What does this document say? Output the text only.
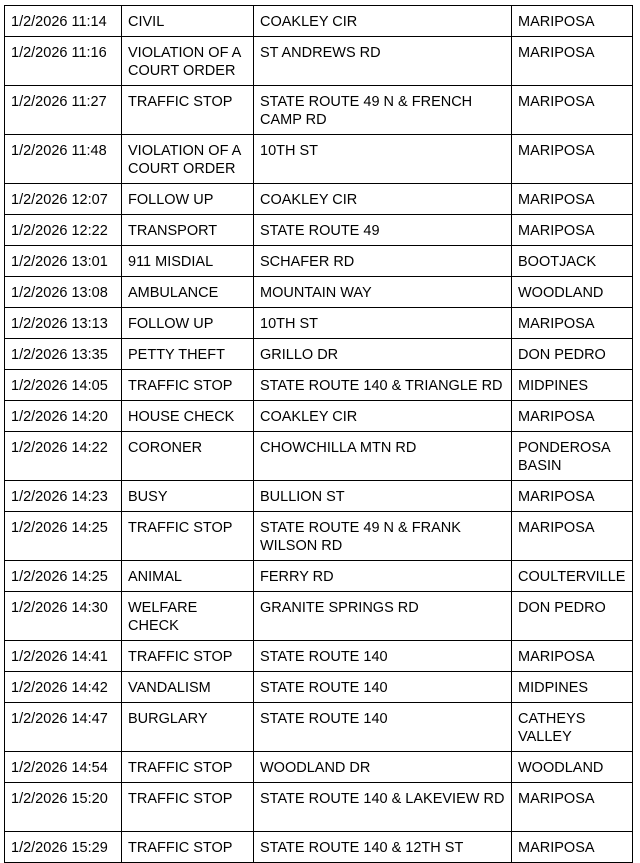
1/2/2026 11:14	CIVIL	COAKLEY CIR	MARIPOSA
1/2/2026 11:16	VIOLATION OF A COURT ORDER	ST ANDREWS RD	MARIPOSA
1/2/2026 11:27	TRAFFIC STOP	STATE ROUTE 49 N & FRENCH CAMP RD	MARIPOSA
1/2/2026 11:48	VIOLATION OF A COURT ORDER	10TH ST	MARIPOSA
1/2/2026 12:07	FOLLOW UP	COAKLEY CIR	MARIPOSA
1/2/2026 12:22	TRANSPORT	STATE ROUTE 49	MARIPOSA
1/2/2026 13:01	911 MISDIAL	SCHAFER RD	BOOTJACK
1/2/2026 13:08	AMBULANCE	MOUNTAIN WAY	WOODLAND
1/2/2026 13:13	FOLLOW UP	10TH ST	MARIPOSA
1/2/2026 13:35	PETTY THEFT	GRILLO DR	DON PEDRO
1/2/2026 14:05	TRAFFIC STOP	STATE ROUTE 140 & TRIANGLE RD	MIDPINES
1/2/2026 14:20	HOUSE CHECK	COAKLEY CIR	MARIPOSA
1/2/2026 14:22	CORONER	CHOWCHILLA MTN RD	PONDEROSA BASIN
1/2/2026 14:23	BUSY	BULLION ST	MARIPOSA
1/2/2026 14:25	TRAFFIC STOP	STATE ROUTE 49 N & FRANK WILSON RD	MARIPOSA
1/2/2026 14:25	ANIMAL	FERRY RD	COULTERVILLE
1/2/2026 14:30	WELFARE CHECK	GRANITE SPRINGS RD	DON PEDRO
1/2/2026 14:41	TRAFFIC STOP	STATE ROUTE 140	MARIPOSA
1/2/2026 14:42	VANDALISM	STATE ROUTE 140	MIDPINES
1/2/2026 14:47	BURGLARY	STATE ROUTE 140	CATHEYS VALLEY
1/2/2026 14:54	TRAFFIC STOP	WOODLAND DR	WOODLAND
1/2/2026 15:20	TRAFFIC STOP	STATE ROUTE 140 & LAKEVIEW RD	MARIPOSA
1/2/2026 15:29	TRAFFIC STOP	STATE ROUTE 140 & 12TH ST	MARIPOSA
